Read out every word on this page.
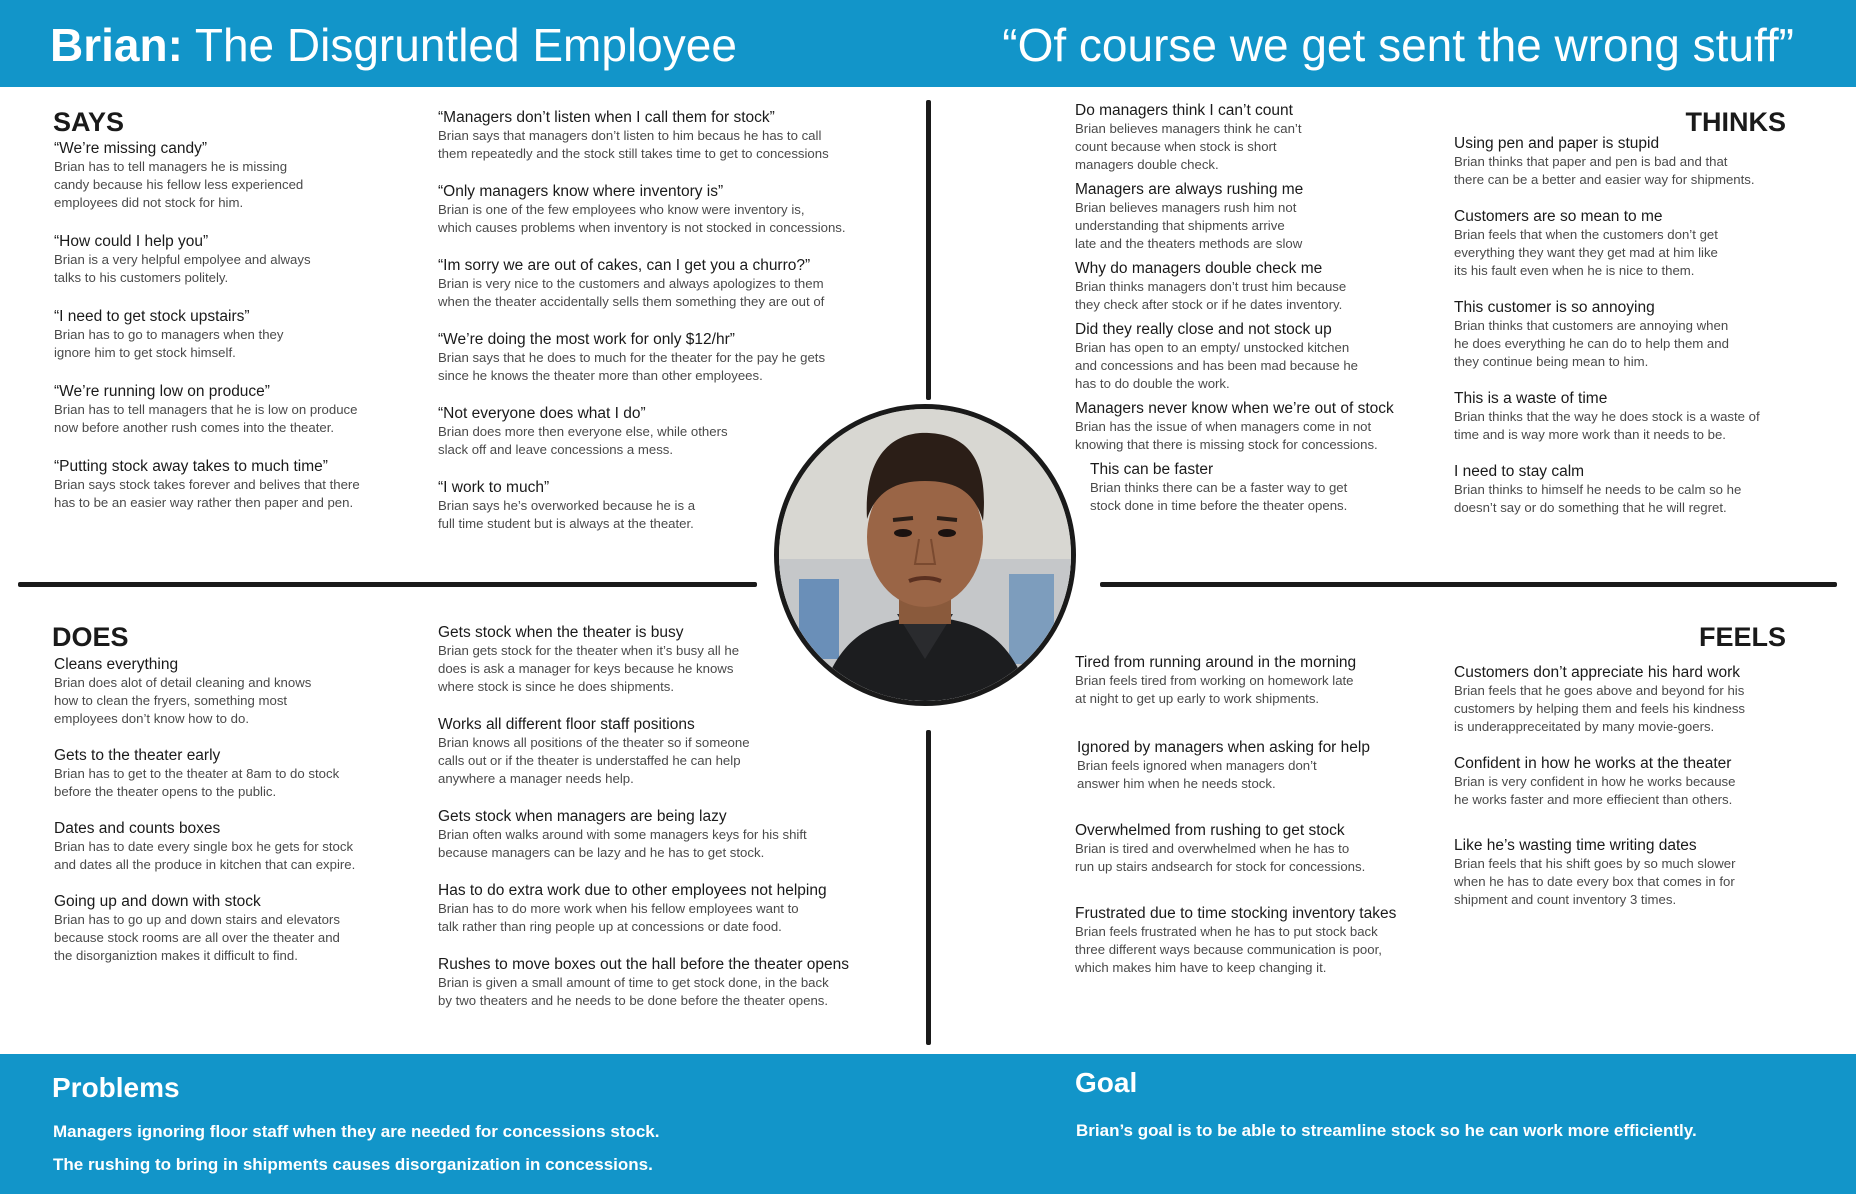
Brian: The Disgruntled Employee	“Of course we get sent the wrong stuff”
SAYS	THINKS
DOES	FEELS
“We’re missing candy”
Brian has to tell managers he is missing
candy because his fellow less experienced
employees did not stock for him.
“How could I help you”
Brian is a very helpful empolyee and always
talks to his customers politely.
“I need to get stock upstairs”
Brian has to go to managers when they
ignore him to get stock himself.
“We’re running low on produce”
Brian has to tell managers that he is low on produce
now before another rush comes into the theater.
“Putting stock away takes to much time”
Brian says stock takes forever and belives that there
has to be an easier way rather then paper and pen.
“Managers don’t listen when I call them for stock”
Brian says that managers don’t listen to him becaus he has to call
them repeatedly and the stock still takes time to get to concessions
“Only managers know where inventory is”
Brian is one of the few employees who know were inventory is,
which causes problems when inventory is not stocked in concessions.
“Im sorry we are out of cakes, can I get you a churro?”
Brian is very nice to the customers and always apologizes to them
when the theater accidentally sells them something they are out of
“We’re doing the most work for only $12/hr”
Brian says that he does to much for the theater for the pay he gets
since he knows the theater more than other employees.
“Not everyone does what I do”
Brian does more then everyone else, while others
slack off and leave concessions a mess.
“I work to much”
Brian says he’s overworked because he is a
full time student but is always at the theater.
Do managers think I can’t count
Brian believes managers think he can’t
count because when stock is short
managers double check.
Managers are always rushing me
Brian believes managers rush him not
understanding that shipments arrive
late and the theaters methods are slow
Why do managers double check me
Brian thinks managers don’t trust him because
they check after stock or if he dates inventory.
Did they really close and not stock up
Brian has open to an empty/ unstocked kitchen
and concessions and has been mad because he
has to do double the work.
Managers never know when we’re out of stock
Brian has the issue of when managers come in not
knowing that there is missing stock for concessions.
This can be faster
Brian thinks there can be a faster way to get
stock done in time before the theater opens.
Using pen and paper is stupid
Brian thinks that paper and pen is bad and that
there can be a better and easier way for shipments.
Customers are so mean to me
Brian feels that when the customers don’t get
everything they want they get mad at him like
its his fault even when he is nice to them.
This customer is so annoying
Brian thinks that customers are annoying when
he does everything he can do to help them and
they continue being mean to him.
This is a waste of time
Brian thinks that the way he does stock is a waste of
time and is way more work than it needs to be.
I need to stay calm
Brian thinks to himself he needs to be calm so he
doesn’t say or do something that he will regret.
Cleans everything
Brian does alot of detail cleaning and knows
how to clean the fryers, something most
employees don’t know how to do.
Gets to the theater early
Brian has to get to the theater at 8am to do stock
before the theater opens to the public.
Dates and counts boxes
Brian has to date every single box he gets for stock
and dates all the produce in kitchen that can expire.
Going up and down with stock
Brian has to go up and down stairs and elevators
because stock rooms are all over the theater and
the disorganiztion makes it difficult to find.
Gets stock when the theater is busy
Brian gets stock for the theater when it’s busy all he
does is ask a manager for keys because he knows
where stock is since he does shipments.
Works all different floor staff positions
Brian knows all positions of the theater so if someone
calls out or if the theater is understaffed he can help
anywhere a manager needs help.
Gets stock when managers are being lazy
Brian often walks around with some managers keys for his shift
because managers can be lazy and he has to get stock.
Has to do extra work due to other employees not helping
Brian has to do more work when his fellow employees want to
talk rather than ring people up at concessions or date food.
Rushes to move boxes out the hall before the theater opens
Brian is given a small amount of time to get stock done, in the back
by two theaters and he needs to be done before the theater opens.
Tired from running around in the morning
Brian feels tired from working on homework late
at night to get up early to work shipments.
Ignored by managers when asking for help
Brian feels ignored when managers don’t
answer him when he needs stock.
Overwhelmed from rushing to get stock
Brian is tired and overwhelmed when he has to
run up stairs andsearch for stock for concessions.
Frustrated due to time stocking inventory takes
Brian feels frustrated when he has to put stock back
three different ways because communication is poor,
which makes him have to keep changing it.
Customers don’t appreciate his hard work
Brian feels that he goes above and beyond for his
customers by helping them and feels his kindness
is underappreceitated by many movie-goers.
Confident in how he works at the theater
Brian is very confident in how he works because
he works faster and more effiecient than others.
Like he’s wasting time writing dates
Brian feels that his shift goes by so much slower
when he has to date every box that comes in for
shipment and count inventory 3 times.
Problems

Managers ignoring floor staff when they are needed for concessions stock.

The rushing to bring in shipments causes disorganization in concessions.

Goal

Brian’s goal is to be able to streamline stock so he can work more efficiently.
